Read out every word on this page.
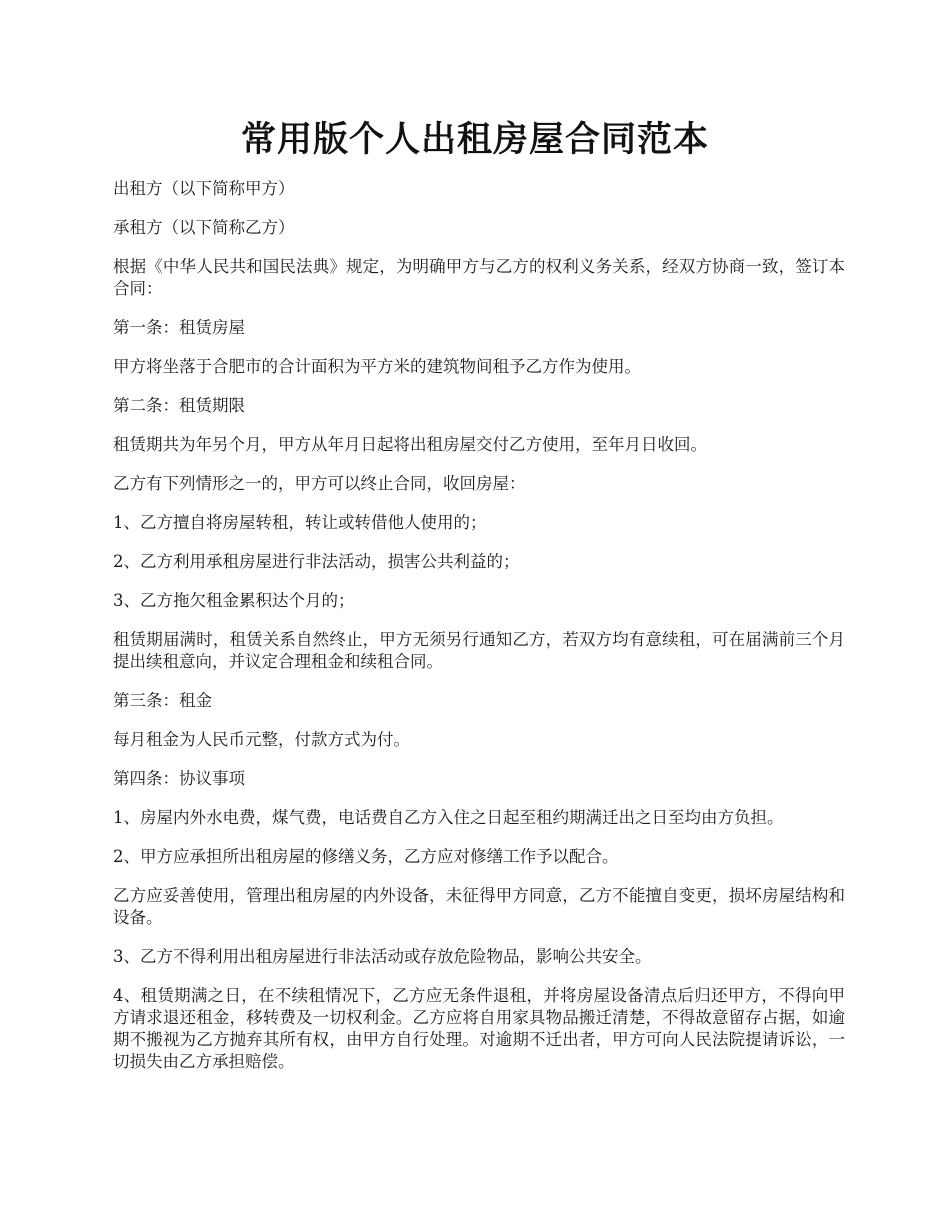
常用版个人出租房屋合同范本

出租方（以下简称甲方）

承租方（以下简称乙方）

根据《中华人民共和国民法典》规定，为明确甲方与乙方的权利义务关系，经双方协商一致，签订本合同：

第一条：租赁房屋

甲方将坐落于合肥市的合计面积为平方米的建筑物间租予乙方作为使用。

第二条：租赁期限

租赁期共为年另个月，甲方从年月日起将出租房屋交付乙方使用，至年月日收回。

乙方有下列情形之一的，甲方可以终止合同，收回房屋：

1、乙方擅自将房屋转租，转让或转借他人使用的；

2、乙方利用承租房屋进行非法活动，损害公共利益的；

3、乙方拖欠租金累积达个月的；

租赁期届满时，租赁关系自然终止，甲方无须另行通知乙方，若双方均有意续租，可在届满前三个月提出续租意向，并议定合理租金和续租合同。

第三条：租金

每月租金为人民币元整，付款方式为付。

第四条：协议事项

1、房屋内外水电费，煤气费，电话费自乙方入住之日起至租约期满迁出之日至均由方负担。

2、甲方应承担所出租房屋的修缮义务，乙方应对修缮工作予以配合。

乙方应妥善使用，管理出租房屋的内外设备，未征得甲方同意，乙方不能擅自变更，损坏房屋结构和设备。

3、乙方不得利用出租房屋进行非法活动或存放危险物品，影响公共安全。

4、租赁期满之日，在不续租情况下，乙方应无条件退租，并将房屋设备清点后归还甲方，不得向甲方请求退还租金，移转费及一切权利金。乙方应将自用家具物品搬迁清楚，不得故意留存占据，如逾期不搬视为乙方抛弃其所有权，由甲方自行处理。对逾期不迁出者，甲方可向人民法院提请诉讼，一切损失由乙方承担赔偿。
